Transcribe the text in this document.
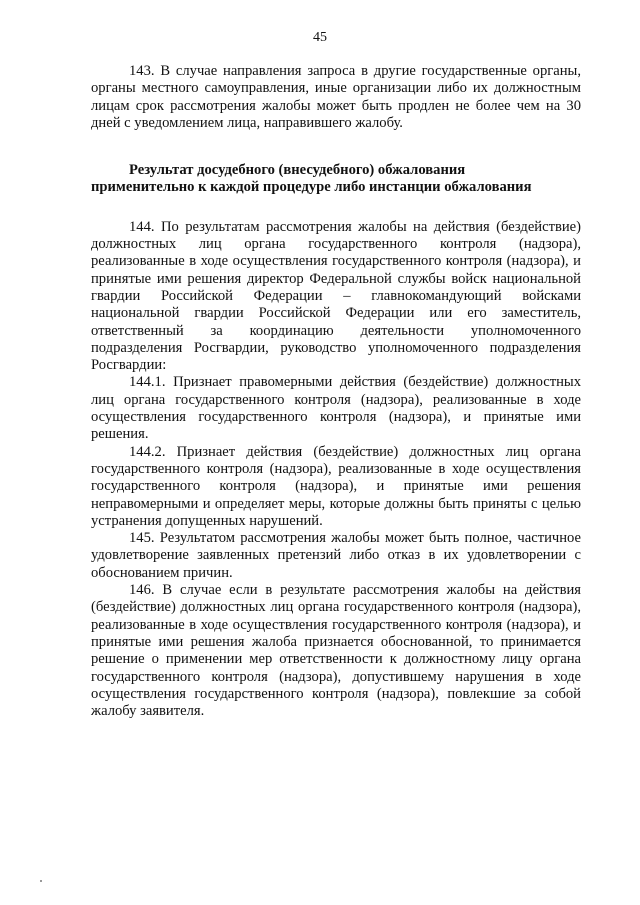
45

143. В случае направления запроса в другие государственные органы, органы местного самоуправления, иные организации либо их должностным лицам срок рассмотрения жалобы может быть продлен не более чем на 30 дней с уведомлением лица, направившего жалобу.

Результат досудебного (внесудебного) обжалования
применительно к каждой процедуре либо инстанции обжалования

144. По результатам рассмотрения жалобы на действия (бездействие) должностных лиц органа государственного контроля (надзора), реализованные в ходе осуществления государственного контроля (надзора), и принятые ими решения директор Федеральной службы войск национальной гвардии Российской Федерации – главнокомандующий войсками национальной гвардии Российской Федерации или его заместитель, ответственный за координацию деятельности уполномоченного подразделения Росгвардии, руководство уполномоченного подразделения Росгвардии:

144.1. Признает правомерными действия (бездействие) должностных лиц органа государственного контроля (надзора), реализованные в ходе осуществления государственного контроля (надзора), и принятые ими решения.

144.2. Признает действия (бездействие) должностных лиц органа государственного контроля (надзора), реализованные в ходе осуществления государственного контроля (надзора), и принятые ими решения неправомерными и определяет меры, которые должны быть приняты с целью устранения допущенных нарушений.

145. Результатом рассмотрения жалобы может быть полное, частичное удовлетворение заявленных претензий либо отказ в их удовлетворении с обоснованием причин.

146. В случае если в результате рассмотрения жалобы на действия (бездействие) должностных лиц органа государственного контроля (надзора), реализованные в ходе осуществления государственного контроля (надзора), и принятые ими решения жалоба признается обоснованной, то принимается решение о применении мер ответственности к должностному лицу органа государственного контроля (надзора), допустившему нарушения в ходе осуществления государственного контроля (надзора), повлекшие за собой жалобу заявителя.
